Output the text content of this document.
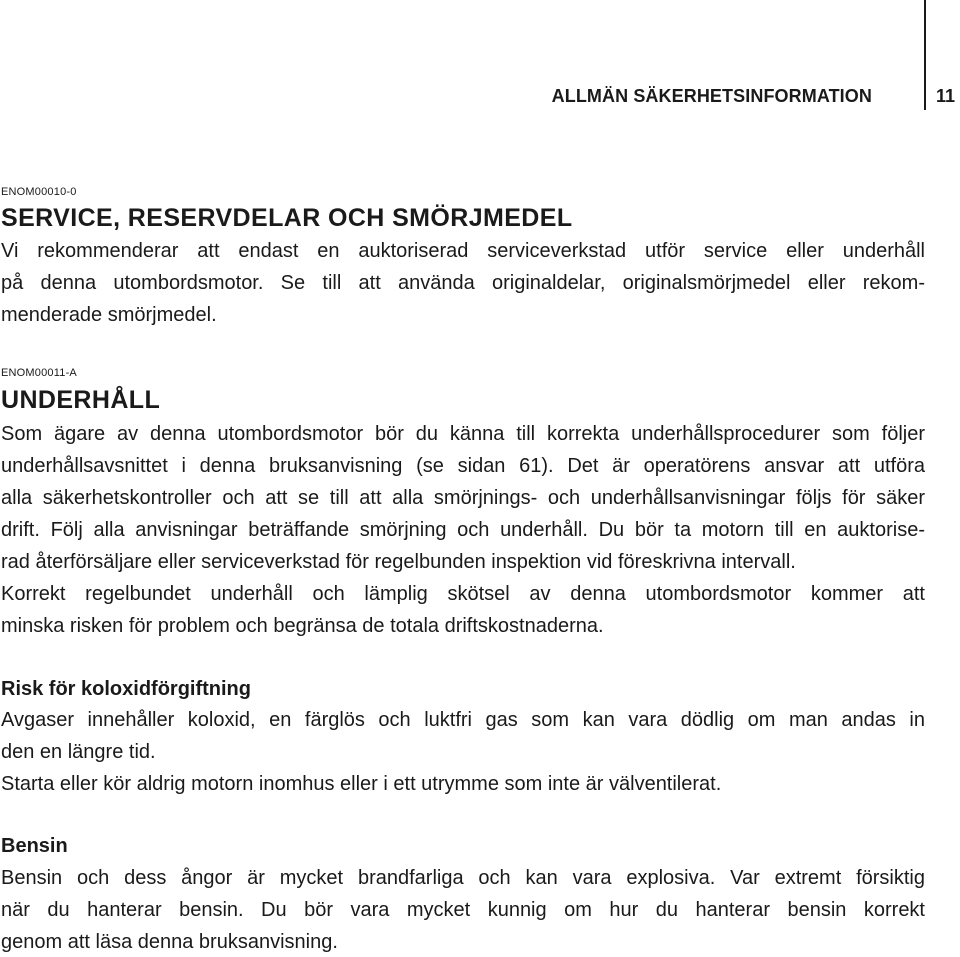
ALLMÄN SÄKERHETSINFORMATION	11
ENOM00010-0
SERVICE, RESERVDELAR OCH SMÖRJMEDEL
Vi rekommenderar att endast en auktoriserad serviceverkstad utför service eller underhåll
på denna utombordsmotor. Se till att använda originaldelar, originalsmörjmedel eller rekom-
menderade smörjmedel.
ENOM00011-A
UNDERHÅLL
Som ägare av denna utombordsmotor bör du känna till korrekta underhållsprocedurer som följer
underhållsavsnittet i denna bruksanvisning (se sidan 61). Det är operatörens ansvar att utföra
alla säkerhetskontroller och att se till att alla smörjnings- och underhållsanvisningar följs för säker
drift. Följ alla anvisningar beträffande smörjning och underhåll. Du bör ta motorn till en auktorise-
rad återförsäljare eller serviceverkstad för regelbunden inspektion vid föreskrivna intervall.
Korrekt regelbundet underhåll och lämplig skötsel av denna utombordsmotor kommer att
minska risken för problem och begränsa de totala driftskostnaderna.
Risk för koloxidförgiftning
Avgaser innehåller koloxid, en färglös och luktfri gas som kan vara dödlig om man andas in
den en längre tid.
Starta eller kör aldrig motorn inomhus eller i ett utrymme som inte är välventilerat.
Bensin
Bensin och dess ångor är mycket brandfarliga och kan vara explosiva. Var extremt försiktig
när du hanterar bensin. Du bör vara mycket kunnig om hur du hanterar bensin korrekt
genom att läsa denna bruksanvisning.
